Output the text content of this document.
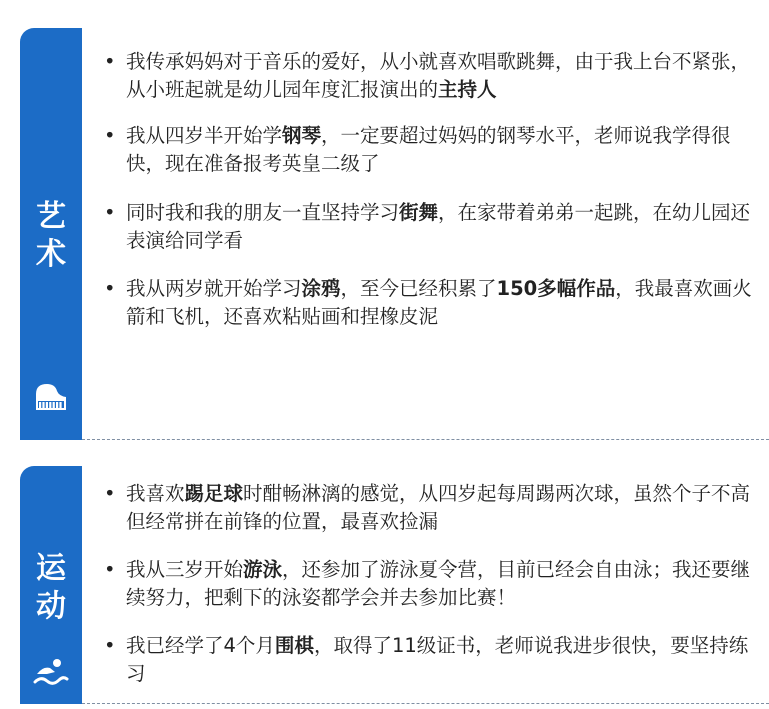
艺
术
• 我传承妈妈对于音乐的爱好，从小就喜欢唱歌跳舞，由于我上台不紧张，从小班起就是幼儿园年度汇报演出的主持人
• 我从四岁半开始学钢琴，一定要超过妈妈的钢琴水平，老师说我学得很快，现在准备报考英皇二级了
• 同时我和我的朋友一直坚持学习街舞，在家带着弟弟一起跳，在幼儿园还表演给同学看
• 我从两岁就开始学习涂鸦，至今已经积累了150多幅作品，我最喜欢画火箭和飞机，还喜欢粘贴画和捏橡皮泥
运
动
• 我喜欢踢足球时酣畅淋漓的感觉，从四岁起每周踢两次球，虽然个子不高但经常拼在前锋的位置，最喜欢捡漏
• 我从三岁开始游泳，还参加了游泳夏令营，目前已经会自由泳；我还要继续努力，把剩下的泳姿都学会并去参加比赛！
• 我已经学了4个月围棋，取得了11级证书，老师说我进步很快，要坚持练习
